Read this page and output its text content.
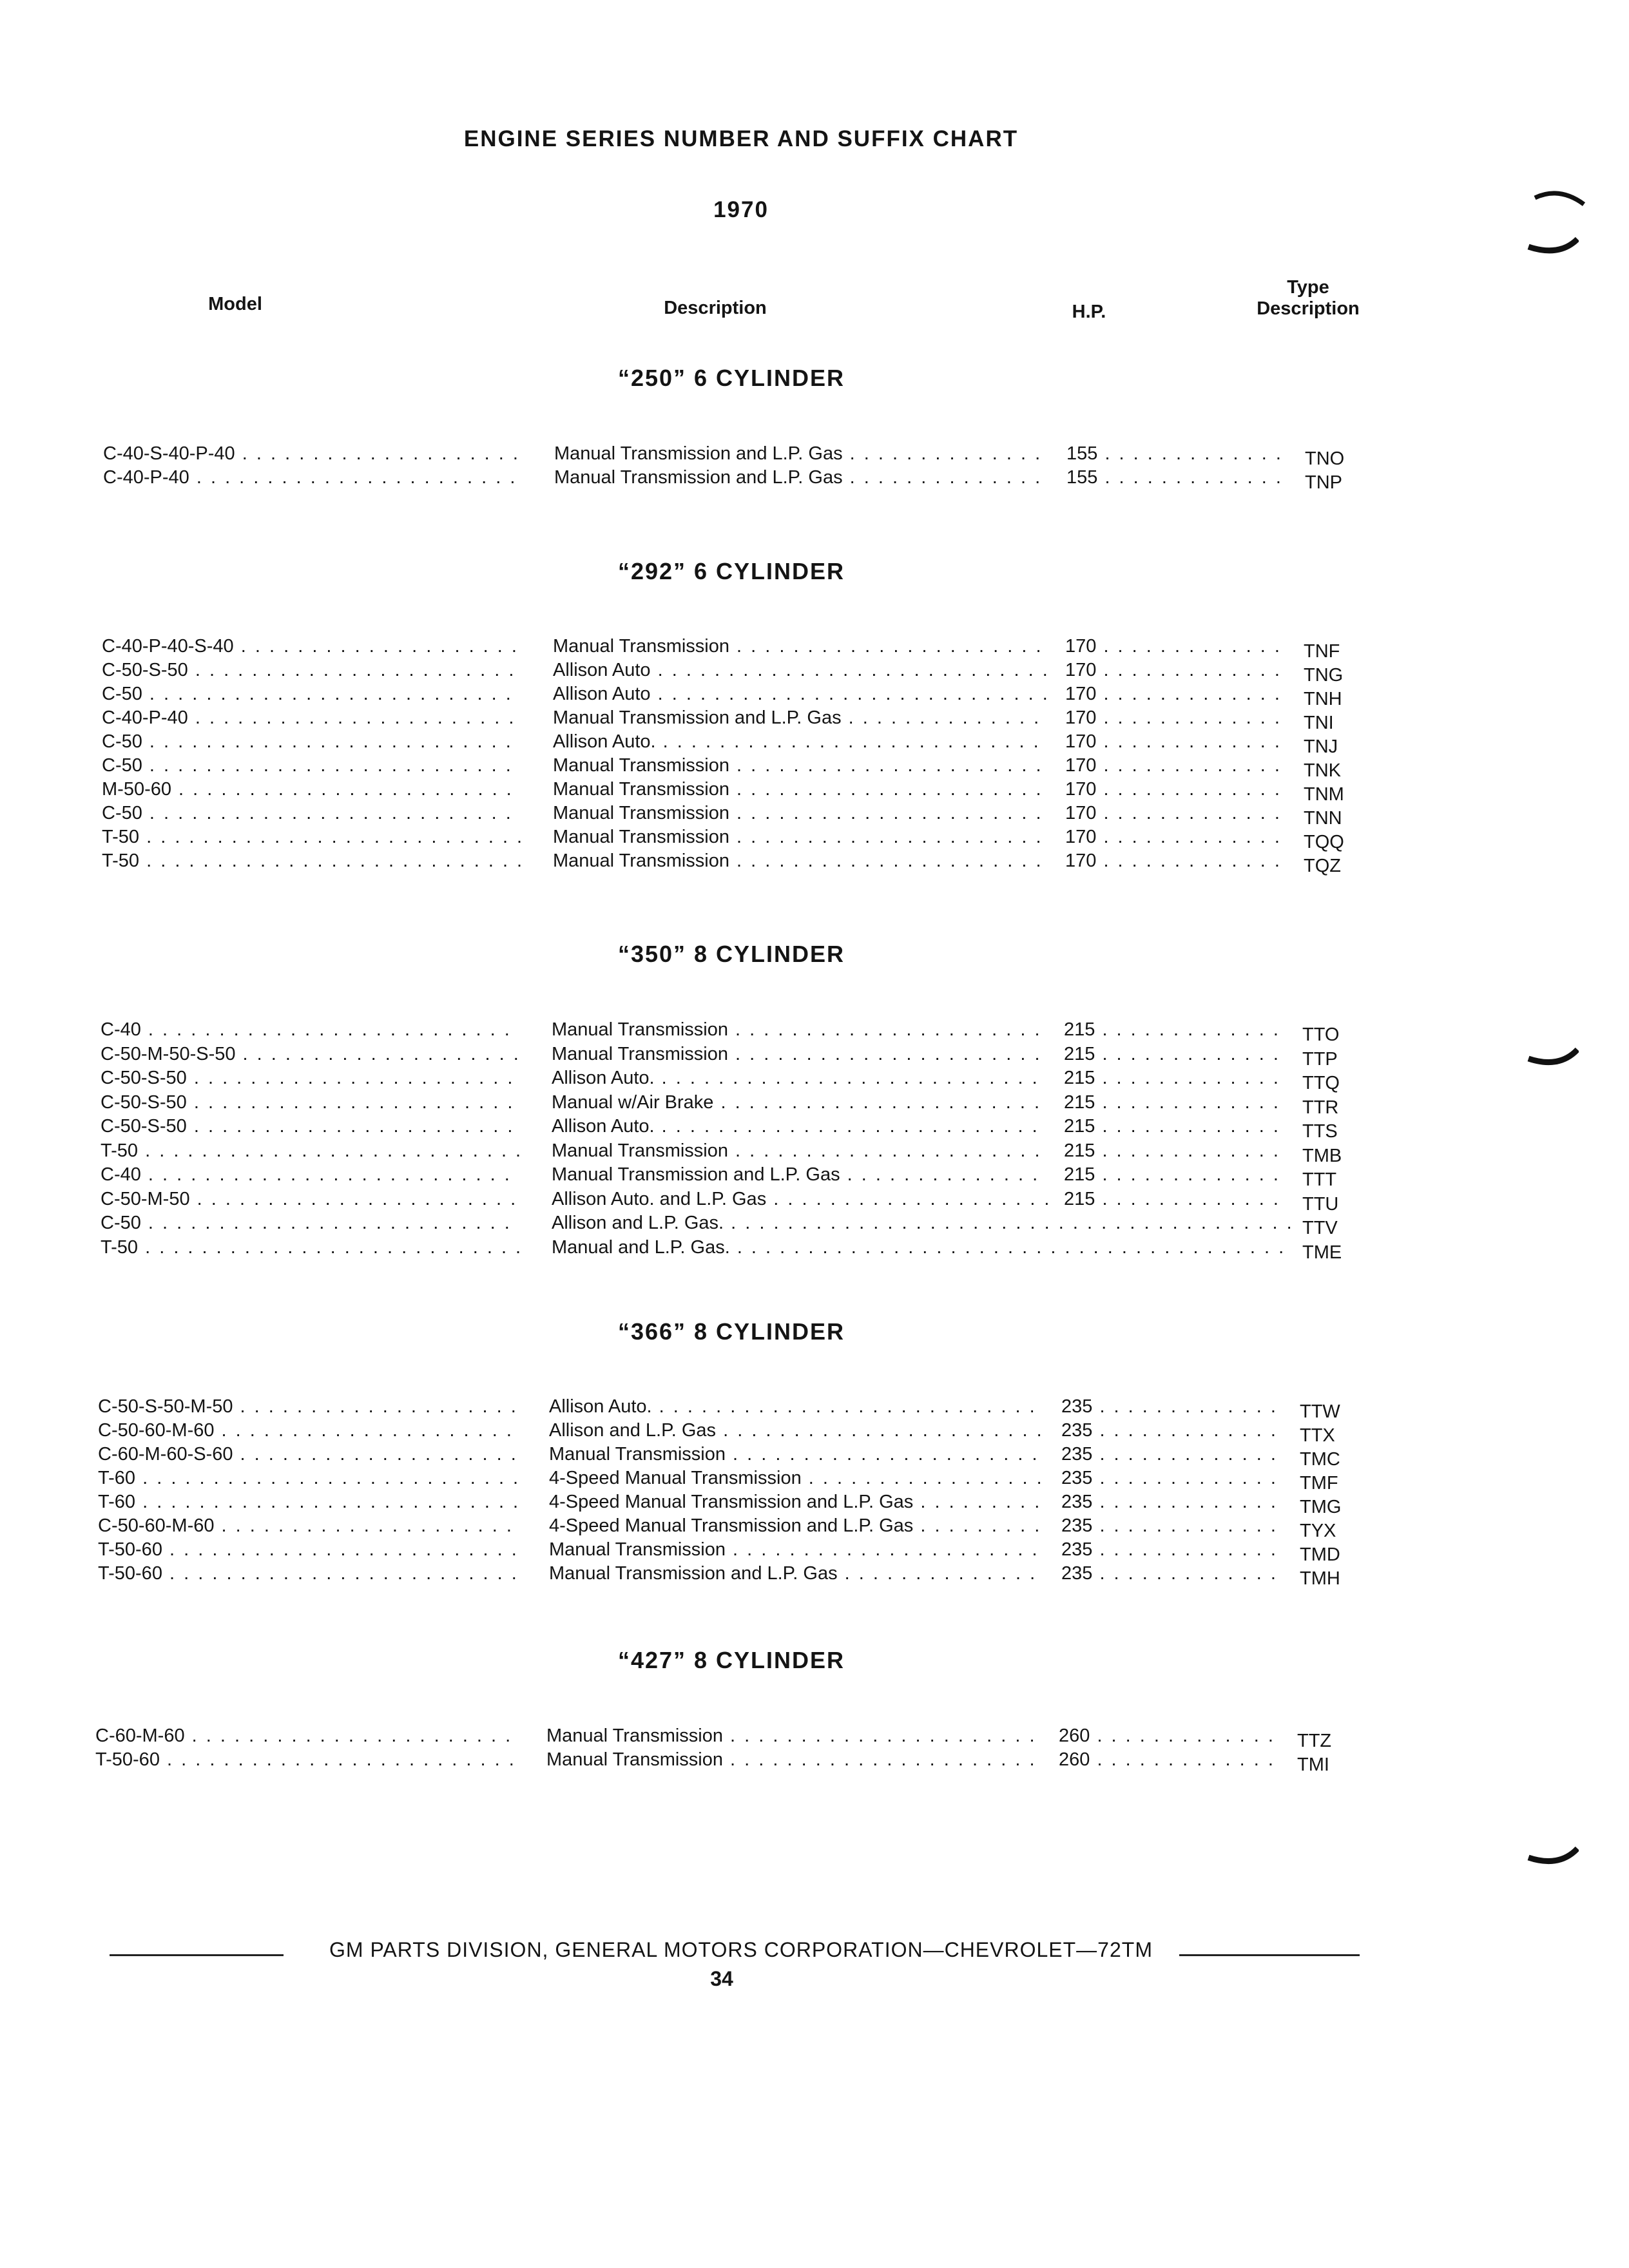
ENGINE SERIES NUMBER AND SUFFIX CHART
1970
Model	Description	H.P.
Type
Description
“250” 6 CYLINDER
C-40-S-40-P-40 . . .	Manual Transmission and L.P. Gas . . .	155 . . .	TNO
C-40-P-40 . . .	Manual Transmission and L.P. Gas . . .	155 . . .	TNP
“292” 6 CYLINDER
C-40-P-40-S-40 . . .	Manual Transmission . . .	170 . . .	TNF
C-50-S-50 . . .	Allison Auto . . .	170 . . .	TNG
C-50 . . .	Allison Auto . . .	170 . . .	TNH
C-40-P-40 . . .	Manual Transmission and L.P. Gas . . .	170 . . .	TNI
C-50 . . .	Allison Auto. . . .	170 . . .	TNJ
C-50 . . .	Manual Transmission . . .	170 . . .	TNK
M-50-60 . . .	Manual Transmission . . .	170 . . .	TNM
C-50 . . .	Manual Transmission . . .	170 . . .	TNN
T-50 . . .	Manual Transmission . . .	170 . . .	TQQ
T-50 . . .	Manual Transmission . . .	170 . . .	TQZ
“350” 8 CYLINDER
C-40 . . .	Manual Transmission . . .	215 . . .	TTO
C-50-M-50-S-50 . . .	Manual Transmission . . .	215 . . .	TTP
C-50-S-50 . . .	Allison Auto. . . .	215 . . .	TTQ
C-50-S-50 . . .	Manual w/Air Brake . . .	215 . . .	TTR
C-50-S-50 . . .	Allison Auto. . . .	215 . . .	TTS
T-50 . . .	Manual Transmission . . .	215 . . .	TMB
C-40 . . .	Manual Transmission and L.P. Gas . . .	215 . . .	TTT
C-50-M-50 . . .	Allison Auto. and L.P. Gas . . .	215 . . .	TTU
C-50 . . .	Allison and L.P. Gas. . . .	TTV
T-50 . . .	Manual and L.P. Gas. . . .	TME
“366” 8 CYLINDER
C-50-S-50-M-50 . . .	Allison Auto. . . .	235 . . .	TTW
C-50-60-M-60 . . .	Allison and L.P. Gas . . .	235 . . .	TTX
C-60-M-60-S-60 . . .	Manual Transmission . . .	235 . . .	TMC
T-60 . . .	4-Speed Manual Transmission . . .	235 . . .	TMF
T-60 . . .	4-Speed Manual Transmission and L.P. Gas . . .	235 . . .	TMG
C-50-60-M-60 . . .	4-Speed Manual Transmission and L.P. Gas . . .	235 . . .	TYX
T-50-60 . . .	Manual Transmission . . .	235 . . .	TMD
T-50-60 . . .	Manual Transmission and L.P. Gas . . .	235 . . .	TMH
“427” 8 CYLINDER
C-60-M-60 . . .	Manual Transmission . . .	260 . . .	TTZ
T-50-60 . . .	Manual Transmission . . .	260 . . .	TMI
GM PARTS DIVISION, GENERAL MOTORS CORPORATION—CHEVROLET—72TM
34
